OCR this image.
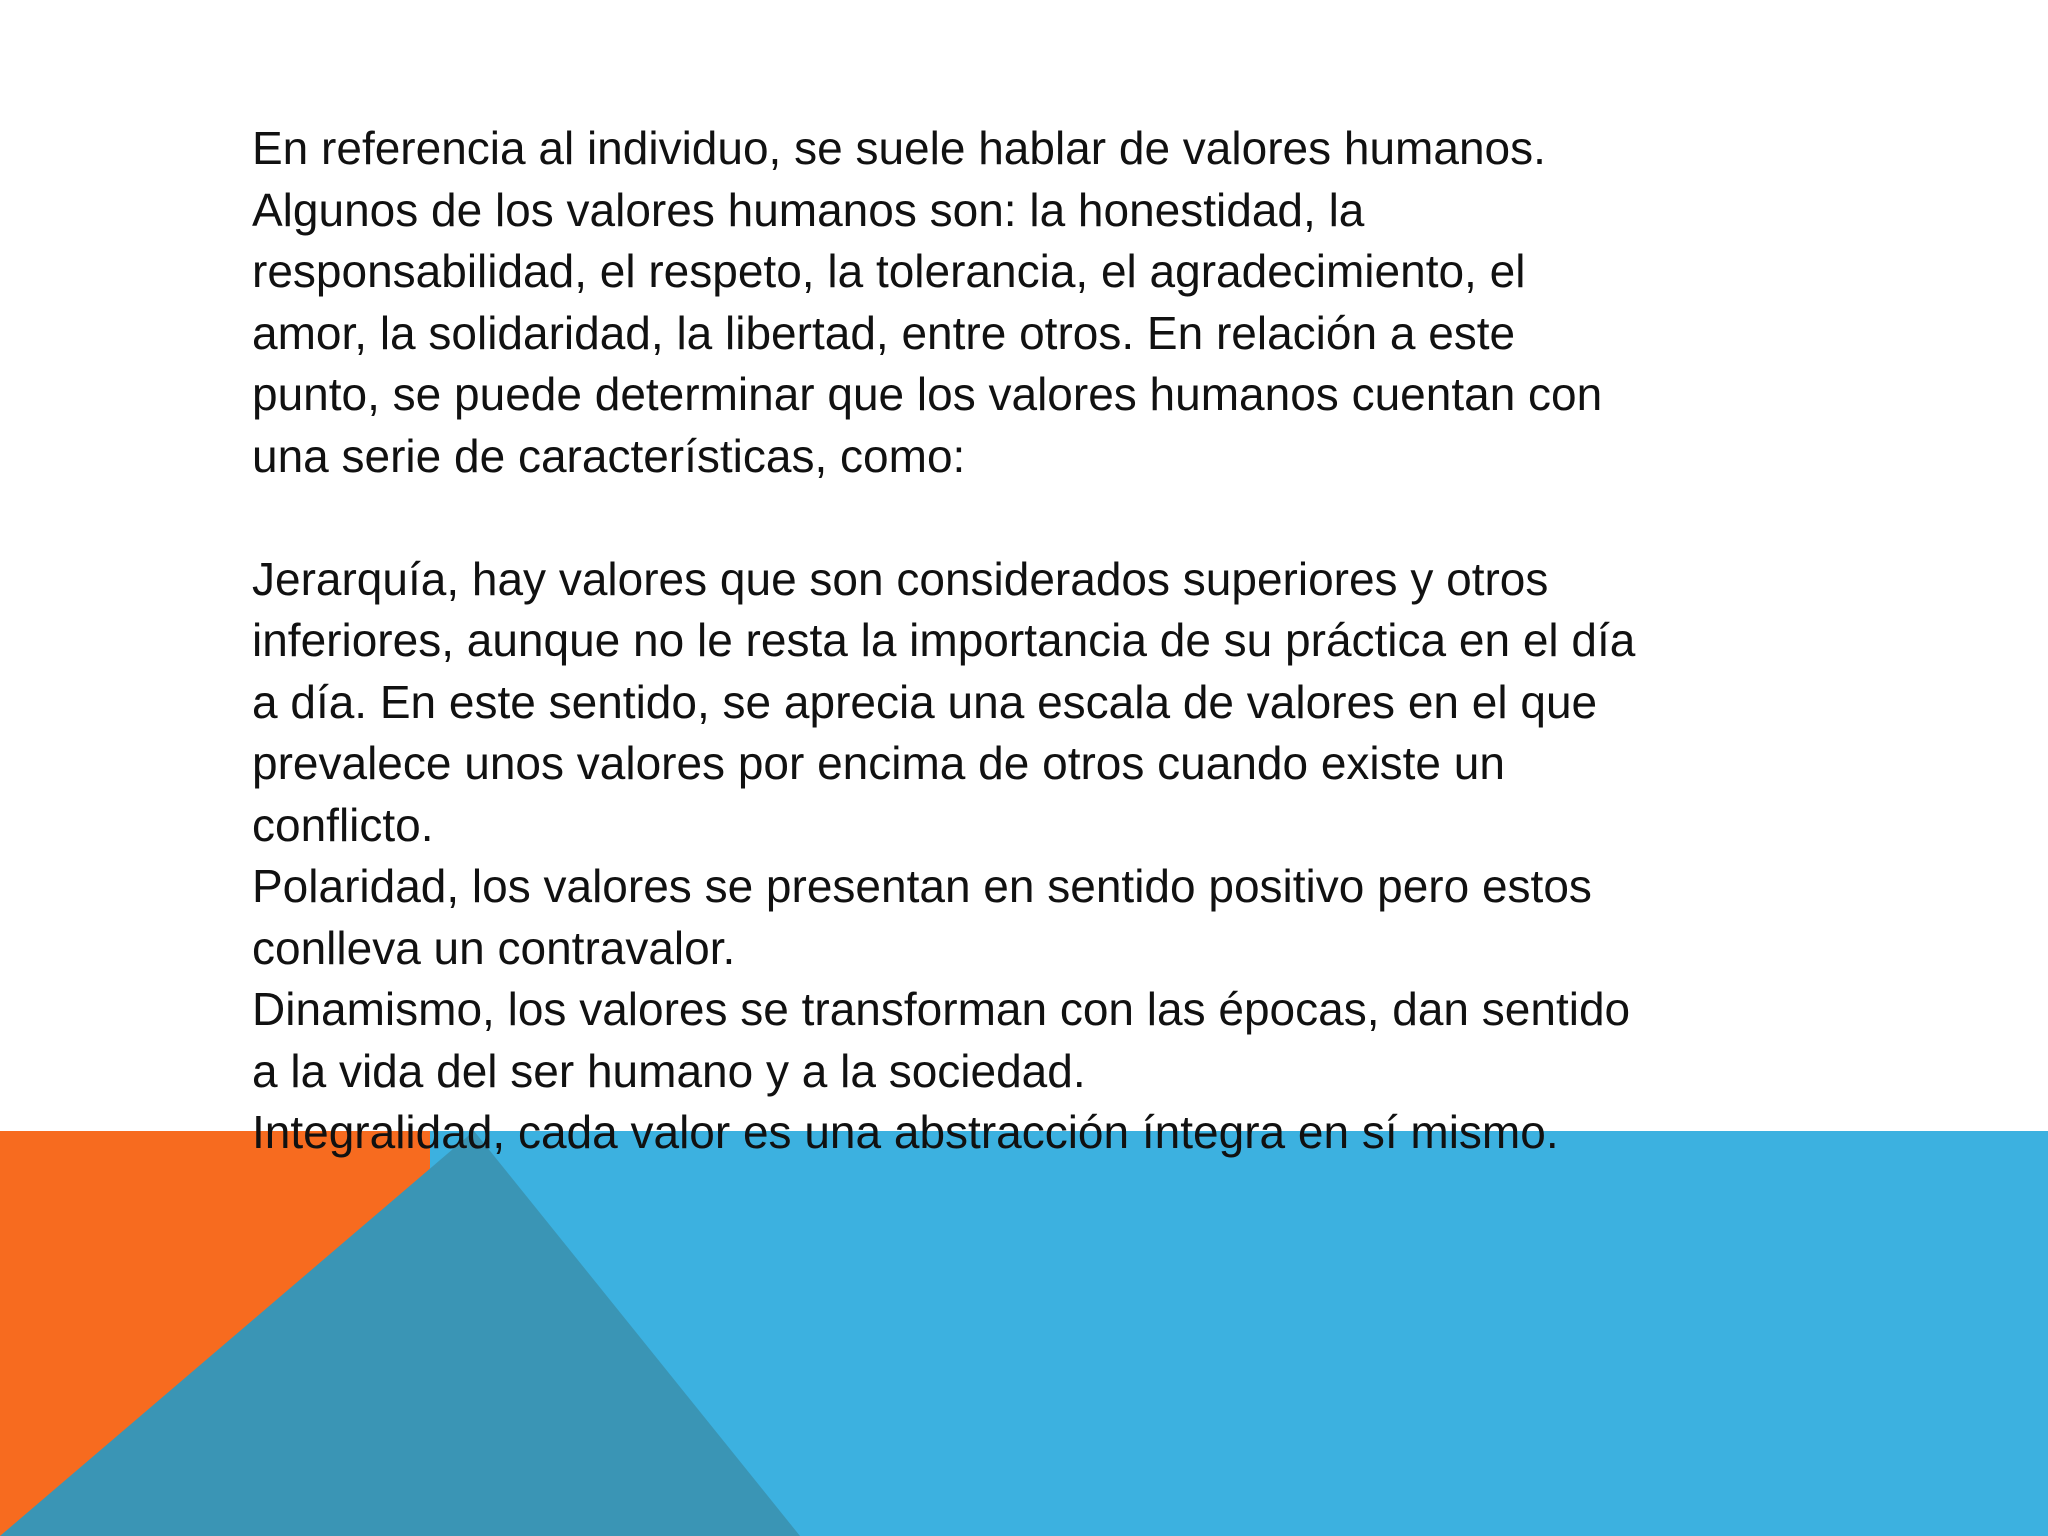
En referencia al individuo, se suele hablar de valores humanos.
Algunos de los valores humanos son: la honestidad, la
responsabilidad, el respeto, la tolerancia, el agradecimiento, el
amor, la solidaridad, la libertad, entre otros. En relación a este
punto, se puede determinar que los valores humanos cuentan con
una serie de características, como:

Jerarquía, hay valores que son considerados superiores y otros
inferiores, aunque no le resta la importancia de su práctica en el día
a día. En este sentido, se aprecia una escala de valores en el que
prevalece unos valores por encima de otros cuando existe un
conflicto.

Polaridad, los valores se presentan en sentido positivo pero estos
conlleva un contravalor.

Dinamismo, los valores se transforman con las épocas, dan sentido
a la vida del ser humano y a la sociedad.

Integralidad, cada valor es una abstracción íntegra en sí mismo.
